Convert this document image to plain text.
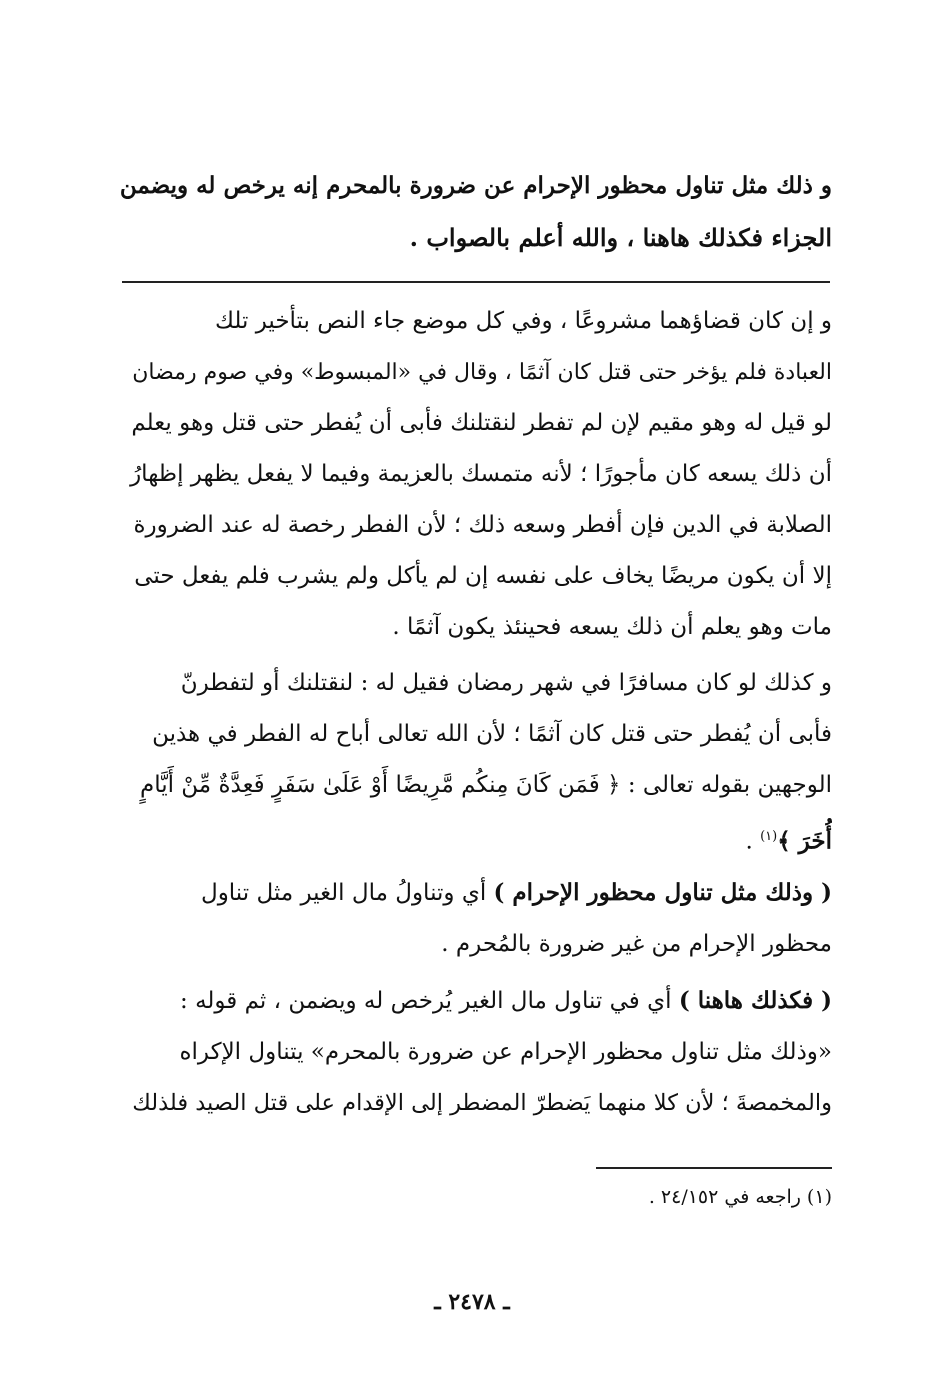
و ذلك مثل تناول محظور الإحرام عن ضرورة بالمحرم إنه يرخص له ويضمن
الجزاء فكذلك هاهنا ، والله أعلم بالصواب .
و إن كان قضاؤهما مشروعًا ، وفي كل موضع جاء النص بتأخير تلك
العبادة فلم يؤخر حتى قتل كان آثمًا ، وقال في «المبسوط» وفي صوم رمضان
لو قيل له وهو مقيم لإن لم تفطر لنقتلنك فأبى أن يُفطر حتى قتل وهو يعلم
أن ذلك يسعه كان مأجورًا ؛ لأنه متمسك بالعزيمة وفيما لا يفعل يظهر إظهارُ
الصلابة في الدين فإن أفطر وسعه ذلك ؛ لأن الفطر رخصة له عند الضرورة
إلا أن يكون مريضًا يخاف على نفسه إن لم يأكل ولم يشرب فلم يفعل حتى
مات وهو يعلم أن ذلك يسعه فحينئذ يكون آثمًا .
و كذلك لو كان مسافرًا في شهر رمضان فقيل له : لنقتلنك أو لتفطرنّ
فأبى أن يُفطر حتى قتل كان آثمًا ؛ لأن الله تعالى أباح له الفطر في هذين
الوجهين بقوله تعالى : ﴿ فَمَن كَانَ مِنكُم مَّرِيضًا أَوْ عَلَىٰ سَفَرٍ فَعِدَّةٌ مِّنْ أَيَّامٍ
أُخَرَ ﴾$^{(١)}$ .
( وذلك مثل تناول محظور الإحرام ) أي وتناولُ مال الغير مثل تناول
محظور الإحرام من غير ضرورة بالمُحرم .
( فكذلك هاهنا ) أي في تناول مال الغير يُرخص له ويضمن ، ثم قوله :
«وذلك مثل تناول محظور الإحرام عن ضرورة بالمحرم» يتناول الإكراه
والمخمصةَ ؛ لأن كلا منهما يَضطرّ المضطر إلى الإقدام على قتل الصيد فلذلك
(١) راجعه في ٢٤/١٥٢ .
ـ ٢٤٧٨ ـ
